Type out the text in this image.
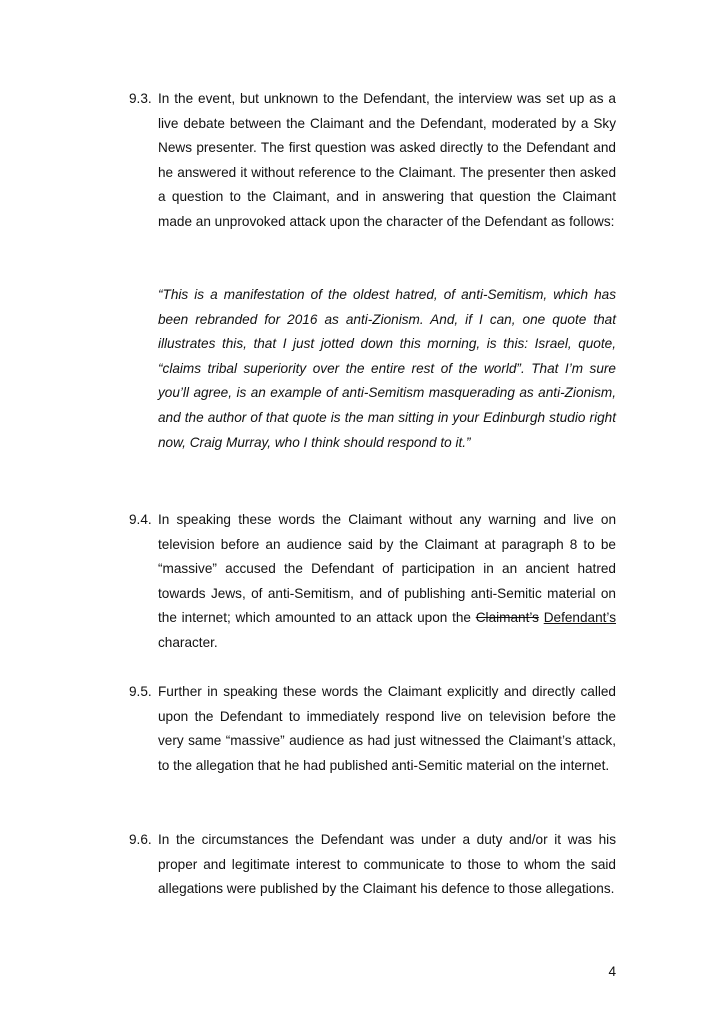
9.3. In the event, but unknown to the Defendant, the interview was set up as a live debate between the Claimant and the Defendant, moderated by a Sky News presenter. The first question was asked directly to the Defendant and he answered it without reference to the Claimant. The presenter then asked a question to the Claimant, and in answering that question the Claimant made an unprovoked attack upon the character of the Defendant as follows:
“This is a manifestation of the oldest hatred, of anti-Semitism, which has been rebranded for 2016 as anti-Zionism. And, if I can, one quote that illustrates this, that I just jotted down this morning, is this: Israel, quote, “claims tribal superiority over the entire rest of the world”. That I’m sure you’ll agree, is an example of anti-Semitism masquerading as anti-Zionism, and the author of that quote is the man sitting in your Edinburgh studio right now, Craig Murray, who I think should respond to it.”
9.4. In speaking these words the Claimant without any warning and live on television before an audience said by the Claimant at paragraph 8 to be “massive” accused the Defendant of participation in an ancient hatred towards Jews, of anti-Semitism, and of publishing anti-Semitic material on the internet; which amounted to an attack upon the Claimant’s Defendant’s character.
9.5. Further in speaking these words the Claimant explicitly and directly called upon the Defendant to immediately respond live on television before the very same “massive” audience as had just witnessed the Claimant’s attack, to the allegation that he had published anti-Semitic material on the internet.
9.6. In the circumstances the Defendant was under a duty and/or it was his proper and legitimate interest to communicate to those to whom the said allegations were published by the Claimant his defence to those allegations.
4
